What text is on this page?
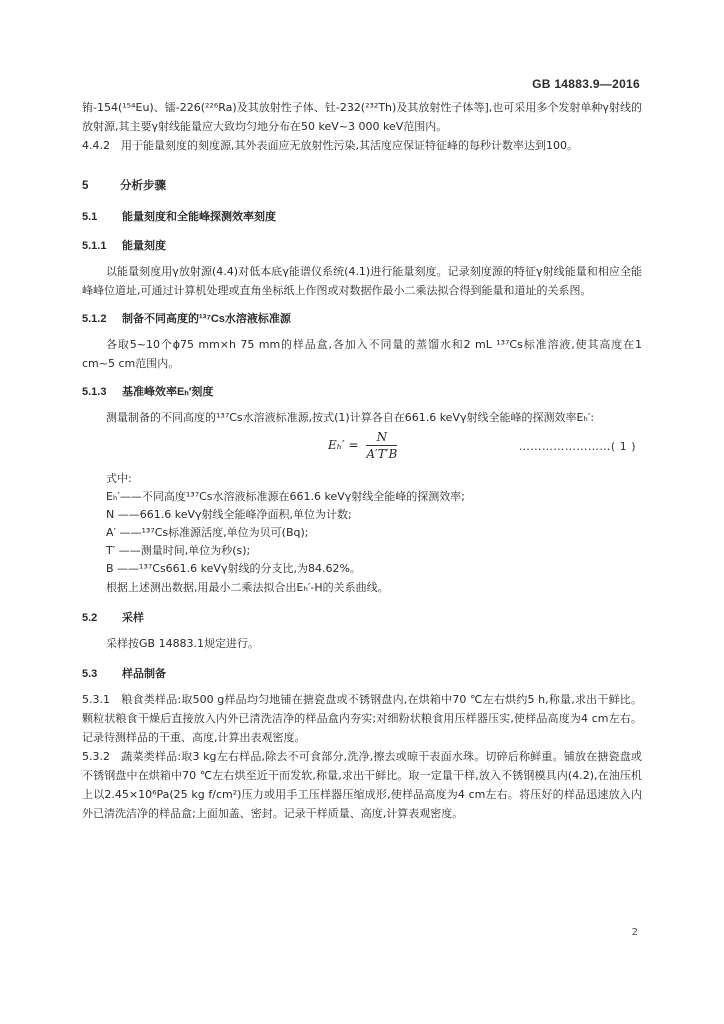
GB 14883.9—2016

铕-154(¹⁵⁴Eu)、镭-226(²²⁶Ra)及其放射性子体、钍-232(²³²Th)及其放射性子体等],也可采用多个发射单种γ射线的放射源,其主要γ射线能量应大致均匀地分布在50 keV~3 000 keV范围内。

4.4.2　用于能量刻度的刻度源,其外表面应无放射性污染,其活度应保证特征峰的每秒计数率达到100。

5	分析步骤
5.1 能量刻度和全能峰探测效率刻度
5.1.1 能量刻度

以能量刻度用γ放射源(4.4)对低本底γ能谱仪系统(4.1)进行能量刻度。记录刻度源的特征γ射线能量和相应全能峰峰位道址,可通过计算机处理或直角坐标纸上作图或对数据作最小二乘法拟合得到能量和道址的关系图。

5.1.2 制备不同高度的¹³⁷Cs水溶液标准源

各取5~10个ϕ75 mm×h 75 mm的样品盒,各加入不同量的蒸馏水和2 mL ¹³⁷Cs标准溶液,使其高度在1 cm~5 cm范围内。

5.1.3 基准峰效率Eₕ′刻度

测量制备的不同高度的¹³⁷Cs水溶液标准源,按式(1)计算各自在661.6 keVγ射线全能峰的探测效率Eₕ′:

$E_h' = \frac{N}{A'T'B}$	……………………( 1 )

式中:

Eₕ′——不同高度¹³⁷Cs水溶液标准源在661.6 keVγ射线全能峰的探测效率;
N ——661.6 keVγ射线全能峰净面积,单位为计数;
A′ ——¹³⁷Cs标准源活度,单位为贝可(Bq);
T′ ——测量时间,单位为秒(s);
B ——¹³⁷Cs661.6 keVγ射线的分支比,为84.62%。

根据上述测出数据,用最小二乘法拟合出Eₕ′-H的关系曲线。

5.2 采样

采样按GB 14883.1规定进行。

5.3 样品制备

5.3.1　粮食类样品:取500 g样品均匀地铺在搪瓷盘或不锈钢盘内,在烘箱中70 ℃左右烘约5 h,称量,求出干鲜比。颗粒状粮食干燥后直接放入内外已清洗洁净的样品盒内夯实;对细粉状粮食用压样器压实,使样品高度为4 cm左右。记录待测样品的干重、高度,计算出表观密度。

5.3.2　蔬菜类样品:取3 kg左右样品,除去不可食部分,洗净,擦去或晾干表面水珠。切碎后称鲜重。铺放在搪瓷盘或不锈钢盘中在烘箱中70 ℃左右烘至近干而发软,称量,求出干鲜比。取一定量干样,放入不锈钢模具内(4.2),在油压机上以2.45×10⁶Pa(25 kg f/cm²)压力或用手工压样器压缩成形,使样品高度为4 cm左右。将压好的样品迅速放入内外已清洗洁净的样品盒;上面加盖、密封。记录干样质量、高度,计算表观密度。

2
